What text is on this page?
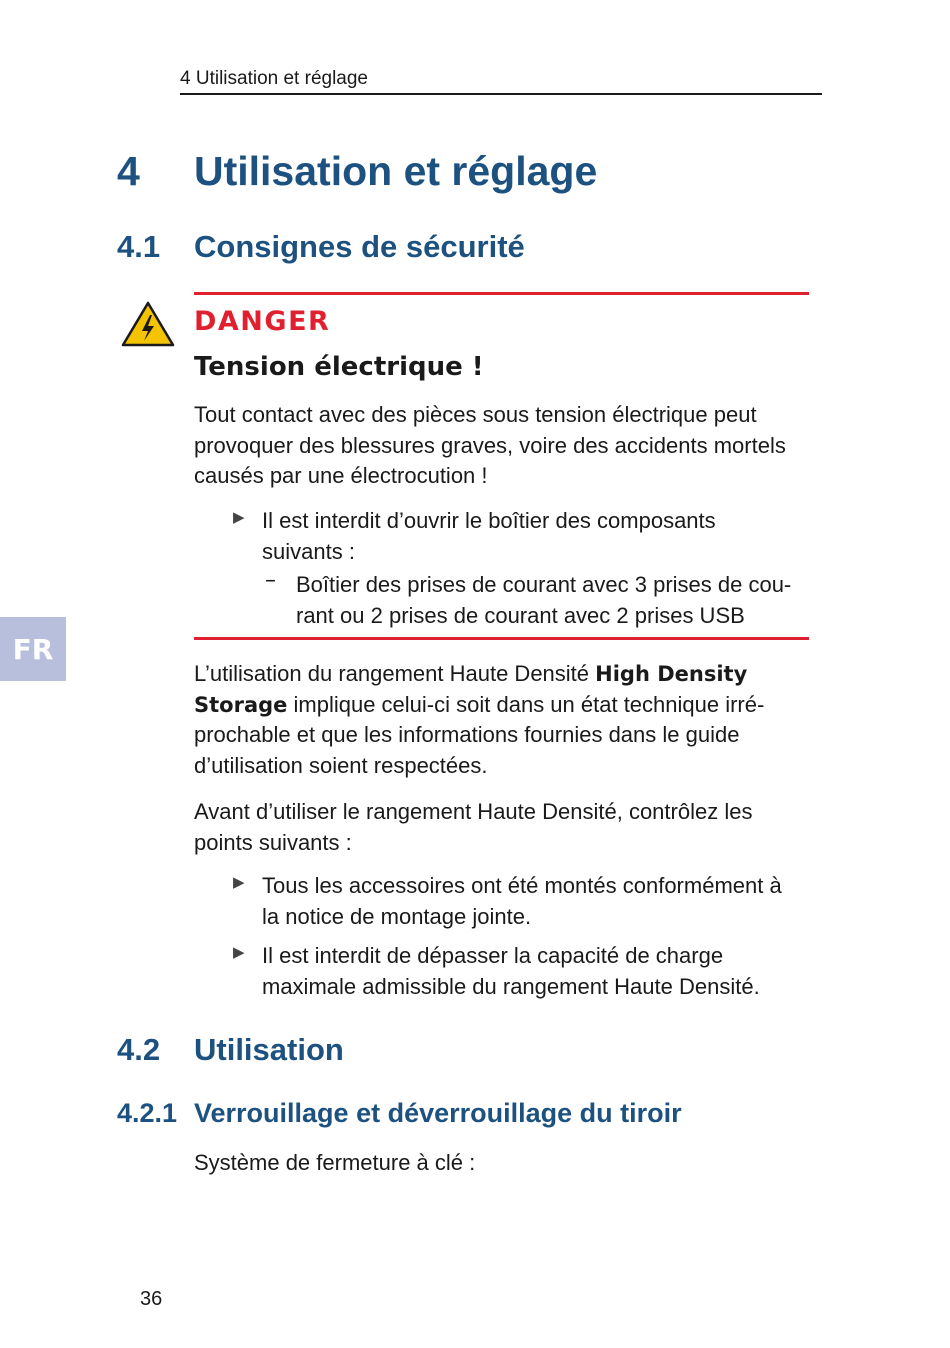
4 Utilisation et réglage
4 Utilisation et réglage
4.1 Consignes de sécurité
DANGER
Tension électrique !
Tout contact avec des pièces sous tension électrique peut
provoquer des blessures graves, voire des accidents mortels
causés par une électrocution !
▶ Il est interdit d’ouvrir le boîtier des composants
suivants :
– Boîtier des prises de courant avec 3 prises de cou-
rant ou 2 prises de courant avec 2 prises USB
FR
L’utilisation du rangement Haute Densité High Density
Storage implique celui-ci soit dans un état technique irré-
prochable et que les informations fournies dans le guide
d’utilisation soient respectées.
Avant d’utiliser le rangement Haute Densité, contrôlez les
points suivants :
▶ Tous les accessoires ont été montés conformément à
la notice de montage jointe.
▶ Il est interdit de dépasser la capacité de charge
maximale admissible du rangement Haute Densité.
4.2 Utilisation
4.2.1 Verrouillage et déverrouillage du tiroir
Système de fermeture à clé :
36
